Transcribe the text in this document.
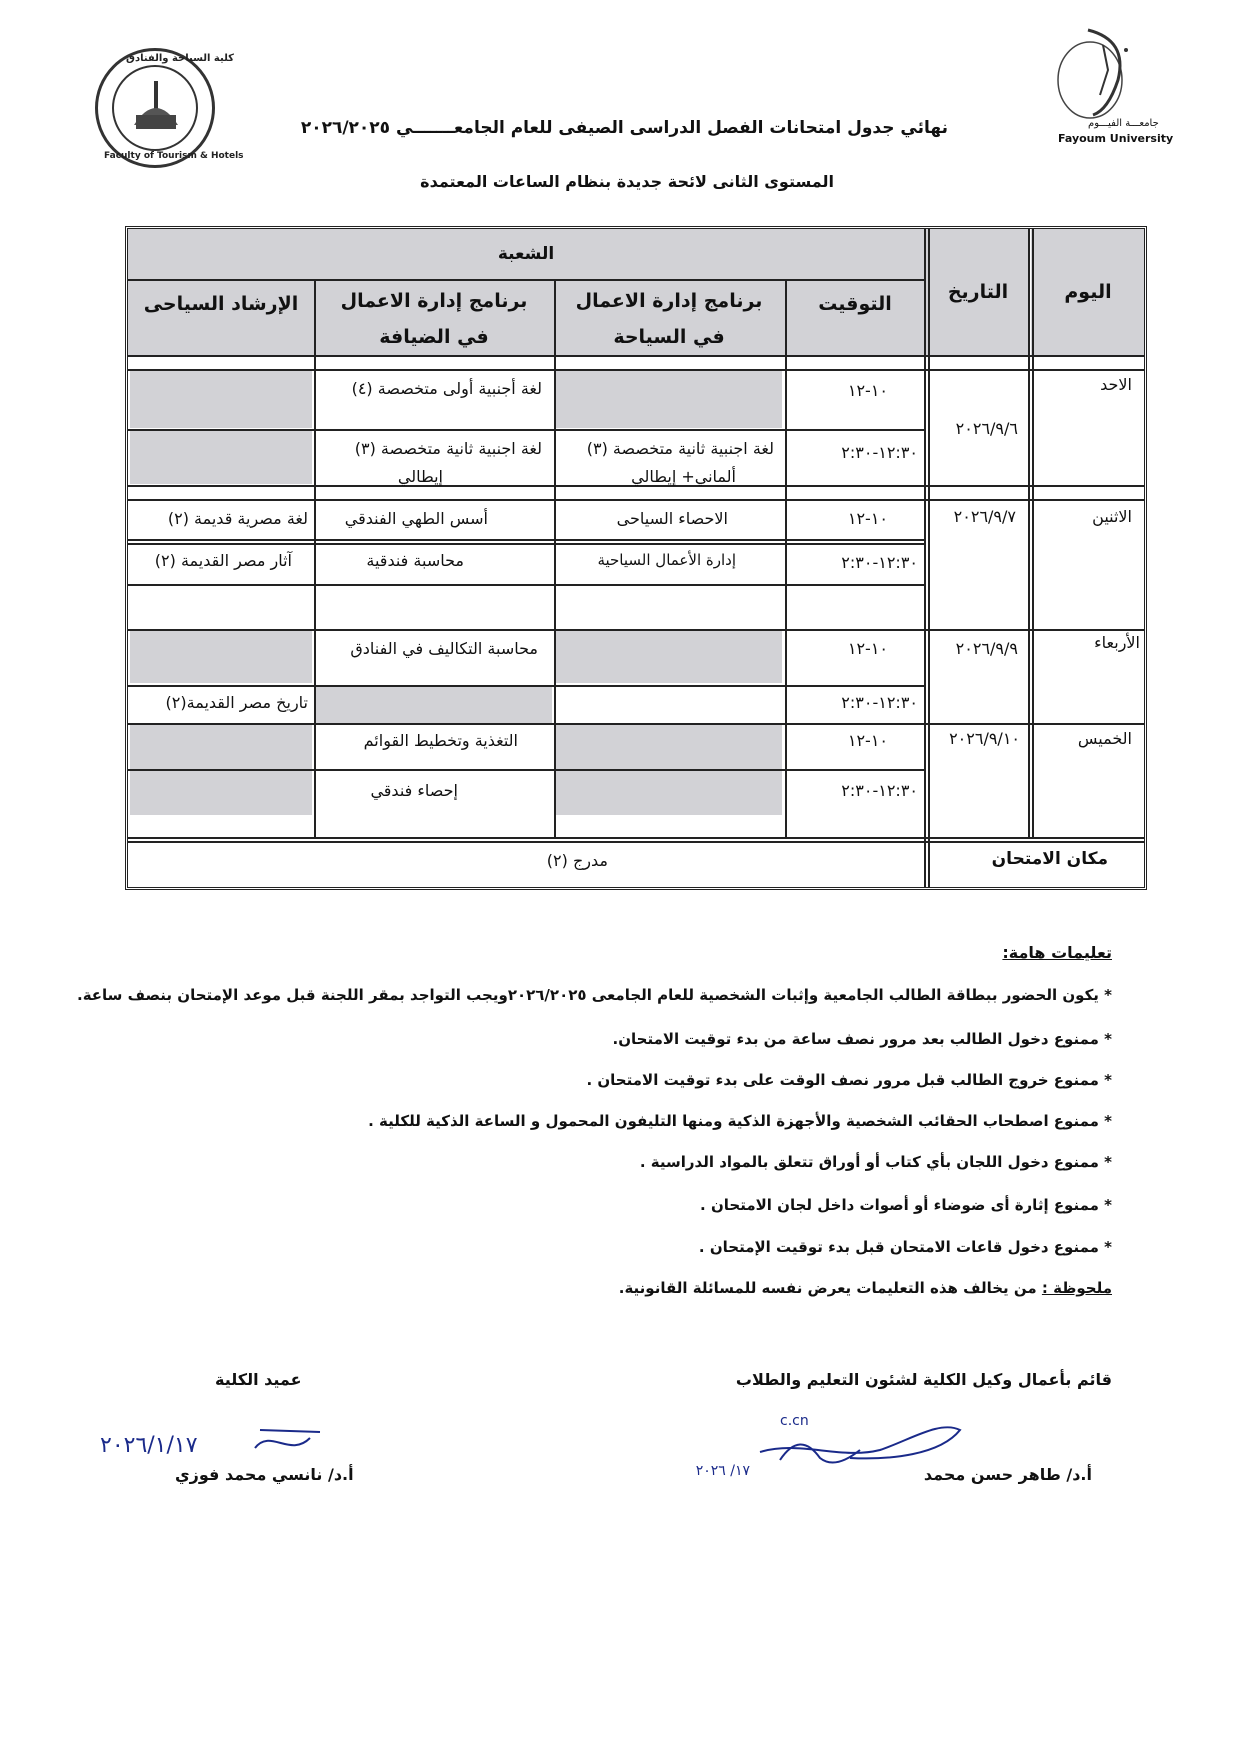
كلية السياحة والفنادق
Faculty of Tourism & Hotels
جامعـــة الفيـــوم
Fayoum University
نهائي جدول امتحانات الفصل الدراسى الصيفى للعام الجامعـــــــي ٢٠٢٦/٢٠٢٥
المستوى الثانى لائحة جديدة بنظام الساعات المعتمدة
اليوم
التاريخ
الشعبة
التوقيت
برنامج إدارة الاعمال في السياحة
برنامج إدارة الاعمال في الضيافة
الإرشاد السياحى
الاحد
٢٠٢٦/٩/٦
١٠-١٢
١٢:٣٠-٢:٣٠
لغة أجنبية أولى متخصصة (٤)
لغة اجنبية ثانية متخصصة (٣)
إيطالي
لغة اجنبية ثانية متخصصة (٣)
ألماني+ إيطالي
الاثنين
٢٠٢٦/٩/٧
١٠-١٢
١٢:٣٠-٢:٣٠
الاحصاء السياحى
أسس الطهي الفندقي
لغة مصرية قديمة (٢)
إدارة الأعمال السياحية
محاسبة فندقية
آثار مصر القديمة (٢)
الأربعاء
٢٠٢٦/٩/٩
١٠-١٢
١٢:٣٠-٢:٣٠
محاسبة التكاليف في الفنادق
تاريخ مصر القديمة(٢)
الخميس
٢٠٢٦/٩/١٠
١٠-١٢
١٢:٣٠-٢:٣٠
التغذية وتخطيط القوائم
إحصاء فندقي
مكان الامتحان
مدرج (٢)
تعليمات هامة:
* يكون الحضور ببطاقة الطالب الجامعية وإثبات الشخصية للعام الجامعى ٢٠٢٦/٢٠٢٥ويجب التواجد بمقر اللجنة قبل موعد الإمتحان بنصف ساعة.
* ممنوع دخول الطالب بعد مرور نصف ساعة من بدء توقيت الامتحان.
* ممنوع خروج الطالب قبل مرور نصف الوقت على بدء توقيت الامتحان .
* ممنوع اصطحاب الحقائب الشخصية والأجهزة الذكية ومنها التليفون المحمول و الساعة الذكية للكلية .
* ممنوع دخول اللجان بأي كتاب أو أوراق تتعلق بالمواد الدراسية .
* ممنوع إثارة أى ضوضاء أو أصوات داخل لجان الامتحان .
* ممنوع دخول قاعات الامتحان قبل بدء توقيت الإمتحان .
ملحوظة : من يخالف هذه التعليمات يعرض نفسه للمسائلة القانونية.
قائم بأعمال وكيل الكلية لشئون التعليم والطلاب
أ.د/ طاهر حسن محمد
c.cn
١٧/ ٢٠٢٦
عميد الكلية
أ.د/ نانسي محمد فوزي
٢٠٢٦/١/١٧
